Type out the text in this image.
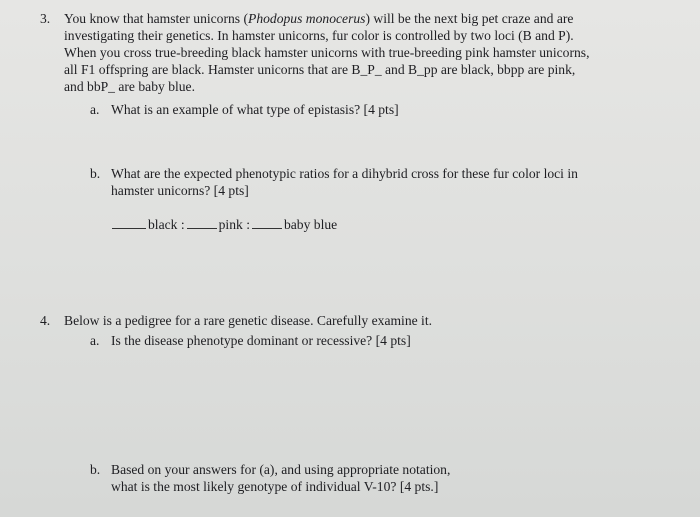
3. You know that hamster unicorns (Phodopus monocerus) will be the next big pet craze and are
investigating their genetics. In hamster unicorns, fur color is controlled by two loci (B and P).
When you cross true-breeding black hamster unicorns with true-breeding pink hamster unicorns,
all F1 offspring are black. Hamster unicorns that are B_P_ and B_pp are black, bbpp are pink,
and bbP_ are baby blue.
a. What is an example of what type of epistasis? [4 pts]
b. What are the expected phenotypic ratios for a dihybrid cross for these fur color loci in
hamster unicorns? [4 pts]
black :	pink :	baby blue
4. Below is a pedigree for a rare genetic disease. Carefully examine it.
a. Is the disease phenotype dominant or recessive? [4 pts]
b. Based on your answers for (a), and using appropriate notation,
what is the most likely genotype of individual V-10? [4 pts.]
